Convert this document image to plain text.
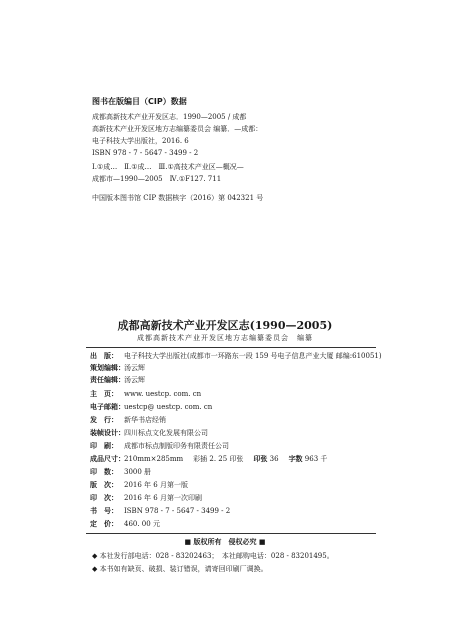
图书在版编目（CIP）数据
成都高新技术产业开发区志．1990—2005 / 成都
高新技术产业开发区地方志编纂委员会 编纂．—成都：
电子科技大学出版社，2016. 6
ISBN 978 - 7 - 5647 - 3499 - 2
Ⅰ.①成…　Ⅱ.①成…　Ⅲ.①高技术产业区—概况—
成都市—1990—2005　Ⅳ.①F127. 711
中国版本图书馆 CIP 数据核字（2016）第 042321 号
成都高新技术产业开发区志(1990—2005)
成都高新技术产业开发区地方志编纂委员会　编纂
出　版： 电子科技大学出版社(成都市一环路东一段 159 号电子信息产业大厦 邮编:610051)
策划编辑：汤云辉
责任编辑：汤云辉
主　页： www. uestcp. com. cn
电子邮箱：uestcp@ uestcp. com. cn
发　行： 新华书店经销
装帧设计：四川标点文化发展有限公司
印　刷： 成都市标点制版印务有限责任公司
成品尺寸：210mm×285mm 彩插 2. 25 印张 印张 36 字数 963 千
印　数： 3000 册
版　次： 2016 年 6 月第一版
印　次： 2016 年 6 月第一次印刷
书　号： ISBN 978 - 7 - 5647 - 3499 - 2
定　价： 460. 00 元
■ 版权所有　侵权必究 ■
◆ 本社发行部电话：028 - 83202463；　本社邮购电话：028 - 83201495。
◆ 本书如有缺页、破损、装订错误，请寄回印刷厂调换。
